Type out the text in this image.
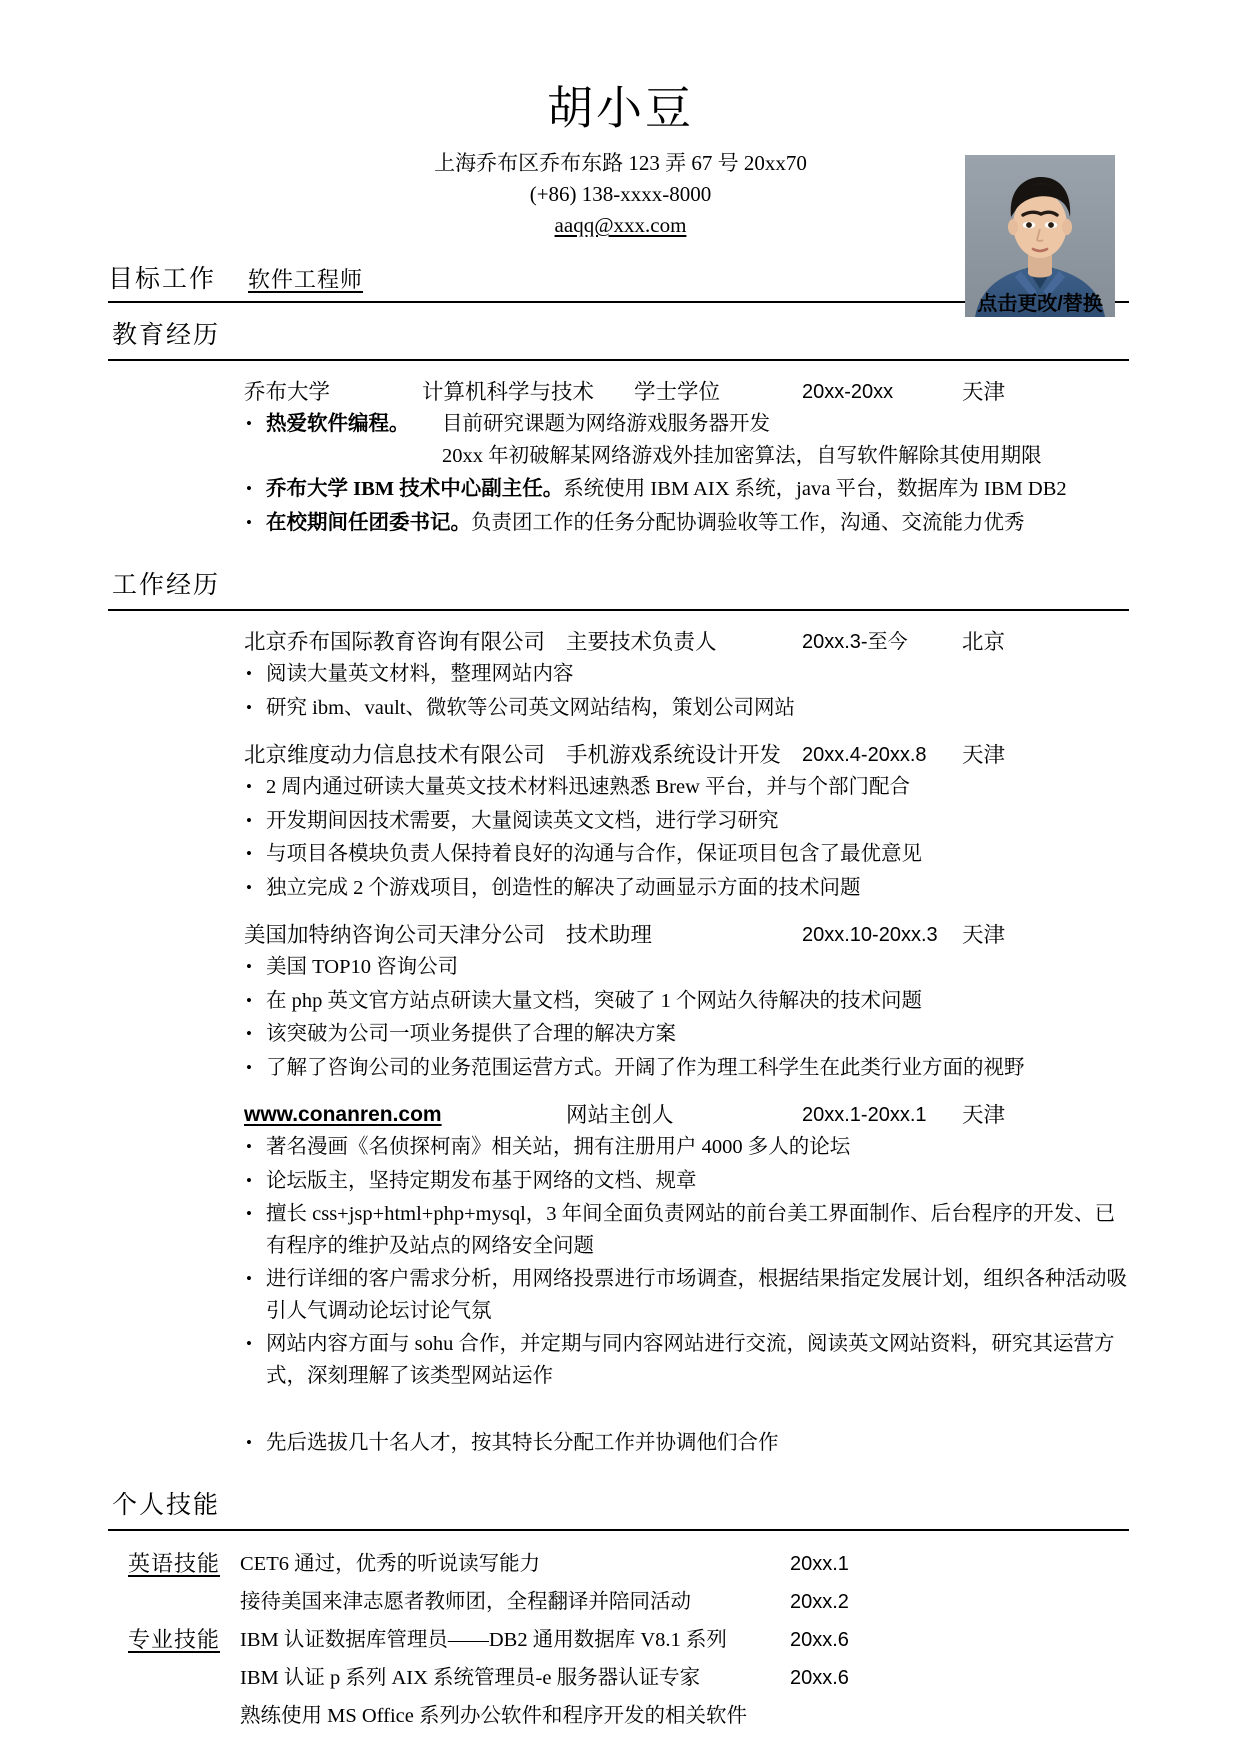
胡小豆

上海乔布区乔布东路 123 弄 67 号 20xx70

(+86) 138-xxxx-8000

aaqq@xxx.com

点击更改/替换
目标工作	软件工程师
教育经历
乔布大学	计算机科学与技术 学士学位	20xx-20xx	天津
• 热爱软件编程。 目前研究课题为网络游戏服务器开发
20xx 年初破解某网络游戏外挂加密算法，自写软件解除其使用期限
• 乔布大学 IBM 技术中心副主任。系统使用 IBM AIX 系统，java 平台，数据库为 IBM DB2
• 在校期间任团委书记。负责团工作的任务分配协调验收等工作，沟通、交流能力优秀
工作经历
北京乔布国际教育咨询有限公司 主要技术负责人	20xx.3-至今	北京
• 阅读大量英文材料，整理网站内容
• 研究 ibm、vault、微软等公司英文网站结构，策划公司网站
北京维度动力信息技术有限公司 手机游戏系统设计开发 20xx.4-20xx.8 天津
• 2 周内通过研读大量英文技术材料迅速熟悉 Brew 平台，并与个部门配合
• 开发期间因技术需要，大量阅读英文文档，进行学习研究
• 与项目各模块负责人保持着良好的沟通与合作，保证项目包含了最优意见
• 独立完成 2 个游戏项目，创造性的解决了动画显示方面的技术问题
美国加特纳咨询公司天津分公司 技术助理	20xx.10-20xx.3 天津
• 美国 TOP10 咨询公司
• 在 php 英文官方站点研读大量文档，突破了 1 个网站久待解决的技术问题
• 该突破为公司一项业务提供了合理的解决方案
• 了解了咨询公司的业务范围运营方式。开阔了作为理工科学生在此类行业方面的视野
www.conanren.com	网站主创人	20xx.1-20xx.1 天津
• 著名漫画《名侦探柯南》相关站，拥有注册用户 4000 多人的论坛
• 论坛版主，坚持定期发布基于网络的文档、规章
• 擅长 css+jsp+html+php+mysql，3 年间全面负责网站的前台美工界面制作、后台程序的开发、已有程序的维护及站点的网络安全问题
• 进行详细的客户需求分析，用网络投票进行市场调查，根据结果指定发展计划，组织各种活动吸引人气调动论坛讨论气氛
• 网站内容方面与 sohu 合作，并定期与同内容网站进行交流，阅读英文网站资料，研究其运营方式，深刻理解了该类型网站运作

• 先后选拔几十名人才，按其特长分配工作并协调他们合作
个人技能
英语技能 CET6 通过，优秀的听说读写能力	20xx.1
接待美国来津志愿者教师团，全程翻译并陪同活动	20xx.2
专业技能 IBM 认证数据库管理员——DB2 通用数据库 V8.1 系列	20xx.6
IBM 认证 p 系列 AIX 系统管理员-e 服务器认证专家	20xx.6
熟练使用 MS Office 系列办公软件和程序开发的相关软件
